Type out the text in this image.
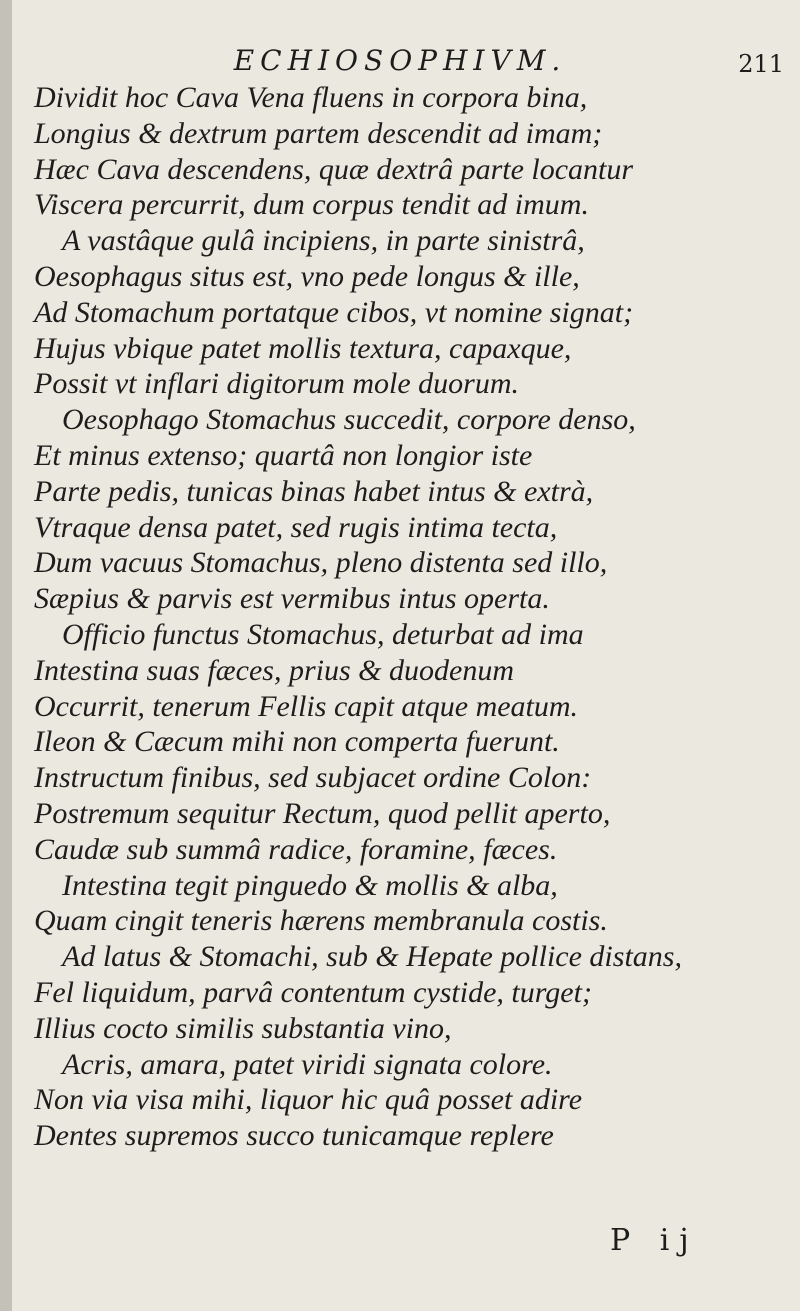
ECHIOSOPHIVM.	211
Dividit hoc Cava Vena fluens in corpora bina,
Longius & dextrum partem descendit ad imam;
Hæc Cava descendens, quæ dextrâ parte locantur
Viscera percurrit, dum corpus tendit ad imum.
A vastâque gulâ incipiens, in parte sinistrâ,
Oesophagus situs est, vno pede longus & ille,
Ad Stomachum portatque cibos, vt nomine signat;
Hujus vbique patet mollis textura, capaxque,
Possit vt inflari digitorum mole duorum.
Oesophago Stomachus succedit, corpore denso,
Et minus extenso; quartâ non longior iste
Parte pedis, tunicas binas habet intus & extrà,
Vtraque densa patet, sed rugis intima tecta,
Dum vacuus Stomachus, pleno distenta sed illo,
Sæpius & parvis est vermibus intus operta.
Officio functus Stomachus, deturbat ad ima
Intestina suas fæces, prius & duodenum
Occurrit, tenerum Fellis capit atque meatum.
Ileon & Cæcum mihi non comperta fuerunt.
Instructum finibus, sed subjacet ordine Colon:
Postremum sequitur Rectum, quod pellit aperto,
Caudæ sub summâ radice, foramine, fæces.
Intestina tegit pinguedo & mollis & alba,
Quam cingit teneris hærens membranula costis.
Ad latus & Stomachi, sub & Hepate pollice distans,
Fel liquidum, parvâ contentum cystide, turget;
Illius cocto similis substantia vino,
Acris, amara, patet viridi signata colore.
Non via visa mihi, liquor hic quâ posset adire
Dentes supremos succo tunicamque replere
P ij
